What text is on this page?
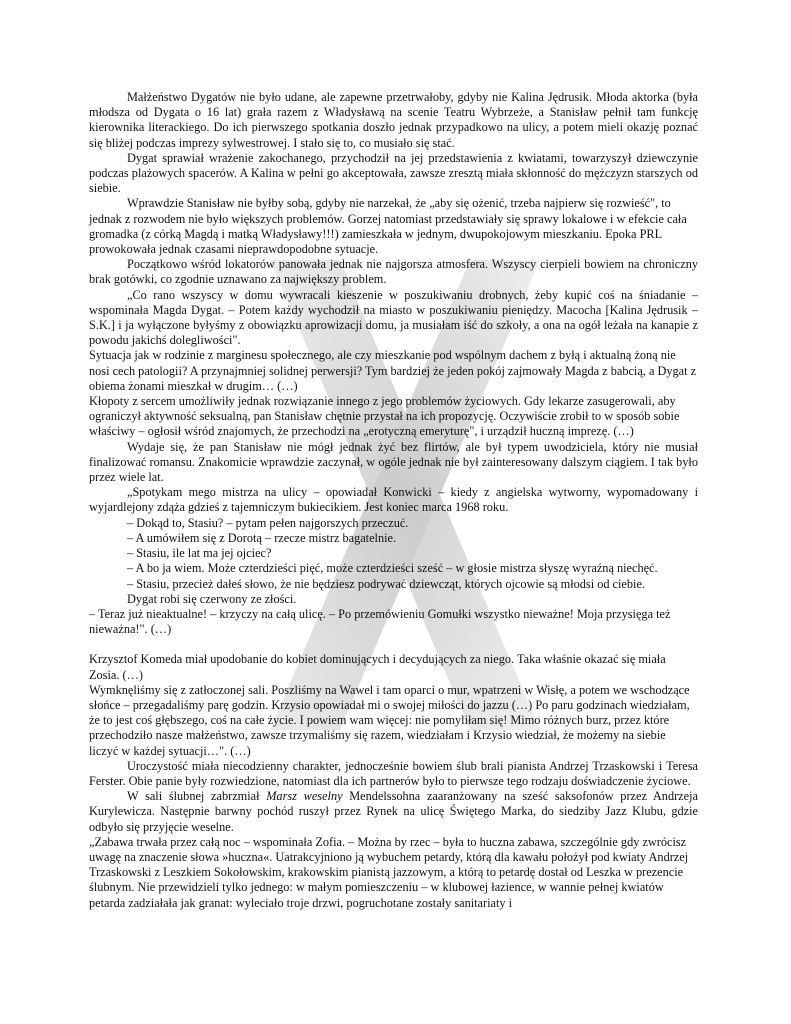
Małżeństwo Dygatów nie było udane, ale zapewne przetrwałoby, gdyby nie Kalina Jędrusik. Młoda aktorka (była młodsza od Dygata o 16 lat) grała razem z Władysławą na scenie Teatru Wybrzeże, a Stanisław pełnił tam funkcję kierownika literackiego. Do ich pierwszego spotkania doszło jednak przypadkowo na ulicy, a potem mieli okazję poznać się bliżej podczas imprezy sylwestrowej. I stało się to, co musiało się stać.

Dygat sprawiał wrażenie zakochanego, przychodził na jej przedstawienia z kwiatami, towarzyszył dziewczynie podczas plażowych spacerów. A Kalina w pełni go akceptowała, zawsze zresztą miała skłonność do mężczyzn starszych od siebie.

Wprawdzie Stanisław nie byłby sobą, gdyby nie narzekał, że „aby się ożenić, trzeba najpierw się rozwieść", to jednak z rozwodem nie było większych problemów. Gorzej natomiast przedstawiały się sprawy lokalowe i w efekcie cała gromadka (z córką Magdą i matką Władysławy!!!) zamieszkała w jednym, dwupokojowym mieszkaniu. Epoka PRL prowokowała jednak czasami nieprawdopodobne sytuacje.

Początkowo wśród lokatorów panowała jednak nie najgorsza atmosfera. Wszyscy cierpieli bowiem na chroniczny brak gotówki, co zgodnie uznawano za największy problem.

„Co rano wszyscy w domu wywracali kieszenie w poszukiwaniu drobnych, żeby kupić coś na śniadanie – wspominała Magda Dygat. – Potem każdy wychodził na miasto w poszukiwaniu pieniędzy. Macocha [Kalina Jędrusik – S.K.] i ja wyłączone byłyśmy z obowiązku aprowizacji domu, ja musiałam iść do szkoły, a ona na ogół leżała na kanapie z powodu jakichś dolegliwości".

Sytuacja jak w rodzinie z marginesu społecznego, ale czy mieszkanie pod wspólnym dachem z byłą i aktualną żoną nie nosi cech patologii? A przynajmniej solidnej perwersji? Tym bardziej że jeden pokój zajmowały Magda z babcią, a Dygat z obiema żonami mieszkał w drugim… (…)

Kłopoty z sercem umożliwiły jednak rozwiązanie innego z jego problemów życiowych. Gdy lekarze zasugerowali, aby ograniczył aktywność seksualną, pan Stanisław chętnie przystał na ich propozycję. Oczywiście zrobił to w sposób sobie właściwy – ogłosił wśród znajomych, że przechodzi na „erotyczną emeryturę", i urządził huczną imprezę. (…)

Wydaje się, że pan Stanisław nie mógł jednak żyć bez flirtów, ale był typem uwodziciela, który nie musiał finalizować romansu. Znakomicie wprawdzie zaczynał, w ogóle jednak nie był zainteresowany dalszym ciągiem. I tak było przez wiele lat.

„Spotykam mego mistrza na ulicy – opowiadał Konwicki – kiedy z angielska wytworny, wypomadowany i wyjardlejony zdąża gdzieś z tajemniczym bukiecikiem. Jest koniec marca 1968 roku.

– Dokąd to, Stasiu? – pytam pełen najgorszych przeczuć.

– A umówiłem się z Dorotą – rzecze mistrz bagatelnie.

– Stasiu, ile lat ma jej ojciec?

– A bo ja wiem. Może czterdzieści pięć, może czterdzieści sześć – w głosie mistrza słyszę wyraźną niechęć.

– Stasiu, przecież dałeś słowo, że nie będziesz podrywać dziewcząt, których ojcowie są młodsi od ciebie.

Dygat robi się czerwony ze złości.

– Teraz już nieaktualne! – krzyczy na całą ulicę. – Po przemówieniu Gomułki wszystko nieważne! Moja przysięga też nieważna!". (…)

Krzysztof Komeda miał upodobanie do kobiet dominujących i decydujących za niego. Taka właśnie okazać się miała Zosia. (…)

Wymknęliśmy się z zatłoczonej sali. Poszliśmy na Wawel i tam oparci o mur, wpatrzeni w Wisłę, a potem we wschodzące słońce – przegadaliśmy parę godzin. Krzysio opowiadał mi o swojej miłości do jazzu (…) Po paru godzinach wiedziałam, że to jest coś głębszego, coś na całe życie. I powiem wam więcej: nie pomyliłam się! Mimo różnych burz, przez które przechodziło nasze małżeństwo, zawsze trzymaliśmy się razem, wiedziałam i Krzysio wiedział, że możemy na siebie liczyć w każdej sytuacji…". (…)

Uroczystość miała niecodzienny charakter, jednocześnie bowiem ślub brali pianista Andrzej Trzaskowski i Teresa Ferster. Obie panie były rozwiedzione, natomiast dla ich partnerów było to pierwsze tego rodzaju doświadczenie życiowe.

W sali ślubnej zabrzmiał Marsz weselny Mendelssohna zaaranżowany na sześć saksofonów przez Andrzeja Kurylewicza. Następnie barwny pochód ruszył przez Rynek na ulicę Świętego Marka, do siedziby Jazz Klubu, gdzie odbyło się przyjęcie weselne.

„Zabawa trwała przez całą noc – wspominała Zofia. – Można by rzec – była to huczna zabawa, szczególnie gdy zwrócisz uwagę na znaczenie słowa »huczna«. Uatrakcyjniono ją wybuchem petardy, którą dla kawału położył pod kwiaty Andrzej Trzaskowski z Leszkiem Sokołowskim, krakowskim pianistą jazzowym, a którą to petardę dostał od Leszka w prezencie ślubnym. Nie przewidzieli tylko jednego: w małym pomieszczeniu – w klubowej łazience, w wannie pełnej kwiatów petarda zadziałała jak granat: wyleciało troje drzwi, pogruchotane zostały sanitariaty i
